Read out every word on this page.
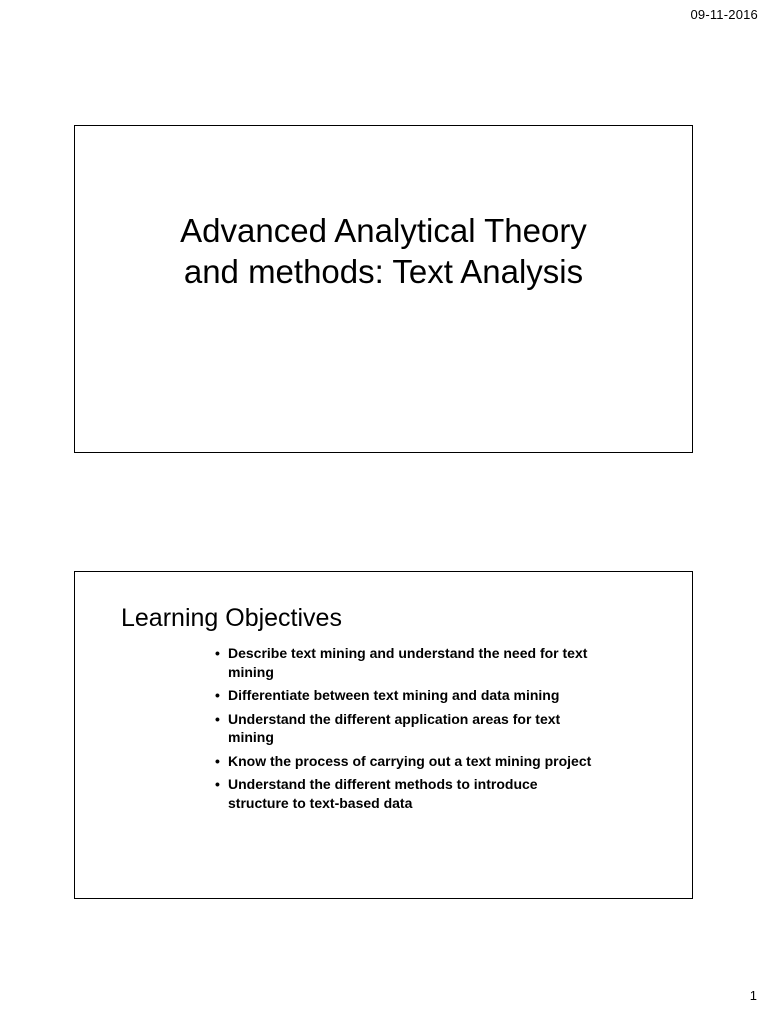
09-11-2016
Advanced Analytical Theory
and methods: Text Analysis
Learning Objectives
• Describe text mining and understand the need for text mining
• Differentiate between text mining and data mining
• Understand the different application areas for text mining
• Know the process of carrying out a text mining project
• Understand the different methods to introduce structure to text-based data
1
